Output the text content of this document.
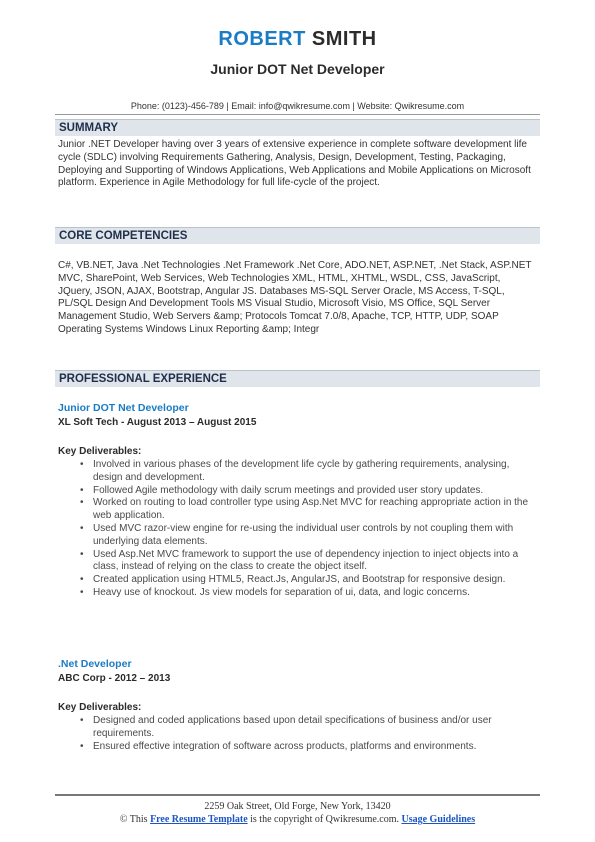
ROBERT SMITH
Junior DOT Net Developer
Phone: (0123)-456-789 | Email: info@qwikresume.com | Website: Qwikresume.com
SUMMARY
Junior .NET Developer having over 3 years of extensive experience in complete software development life cycle (SDLC) involving Requirements Gathering, Analysis, Design, Development, Testing, Packaging, Deploying and Supporting of Windows Applications, Web Applications and Mobile Applications on Microsoft platform. Experience in Agile Methodology for full life-cycle of the project.
CORE COMPETENCIES
C#, VB.NET, Java .Net Technologies .Net Framework .Net Core, ADO.NET, ASP.NET, .Net Stack, ASP.NET MVC, SharePoint, Web Services, Web Technologies XML, HTML, XHTML, WSDL, CSS, JavaScript, JQuery, JSON, AJAX, Bootstrap, Angular JS. Databases MS-SQL Server Oracle, MS Access, T-SQL, PL/SQL Design And Development Tools MS Visual Studio, Microsoft Visio, MS Office, SQL Server Management Studio, Web Servers &amp; Protocols Tomcat 7.0/8, Apache, TCP, HTTP, UDP, SOAP Operating Systems Windows Linux Reporting &amp; Integr
PROFESSIONAL EXPERIENCE
Junior DOT Net Developer
XL Soft Tech - August 2013 – August 2015
Key Deliverables:
• Involved in various phases of the development life cycle by gathering requirements, analysing, design and development.
• Followed Agile methodology with daily scrum meetings and provided user story updates.
• Worked on routing to load controller type using Asp.Net MVC for reaching appropriate action in the web application.
• Used MVC razor-view engine for re-using the individual user controls by not coupling them with underlying data elements.
• Used Asp.Net MVC framework to support the use of dependency injection to inject objects into a class, instead of relying on the class to create the object itself.
• Created application using HTML5, React.Js, AngularJS, and Bootstrap for responsive design.
• Heavy use of knockout. Js view models for separation of ui, data, and logic concerns.
.Net Developer
ABC Corp - 2012 – 2013
Key Deliverables:
• Designed and coded applications based upon detail specifications of business and/or user requirements.
• Ensured effective integration of software across products, platforms and environments.
2259 Oak Street, Old Forge, New York, 13420
© This Free Resume Template is the copyright of Qwikresume.com. Usage Guidelines
